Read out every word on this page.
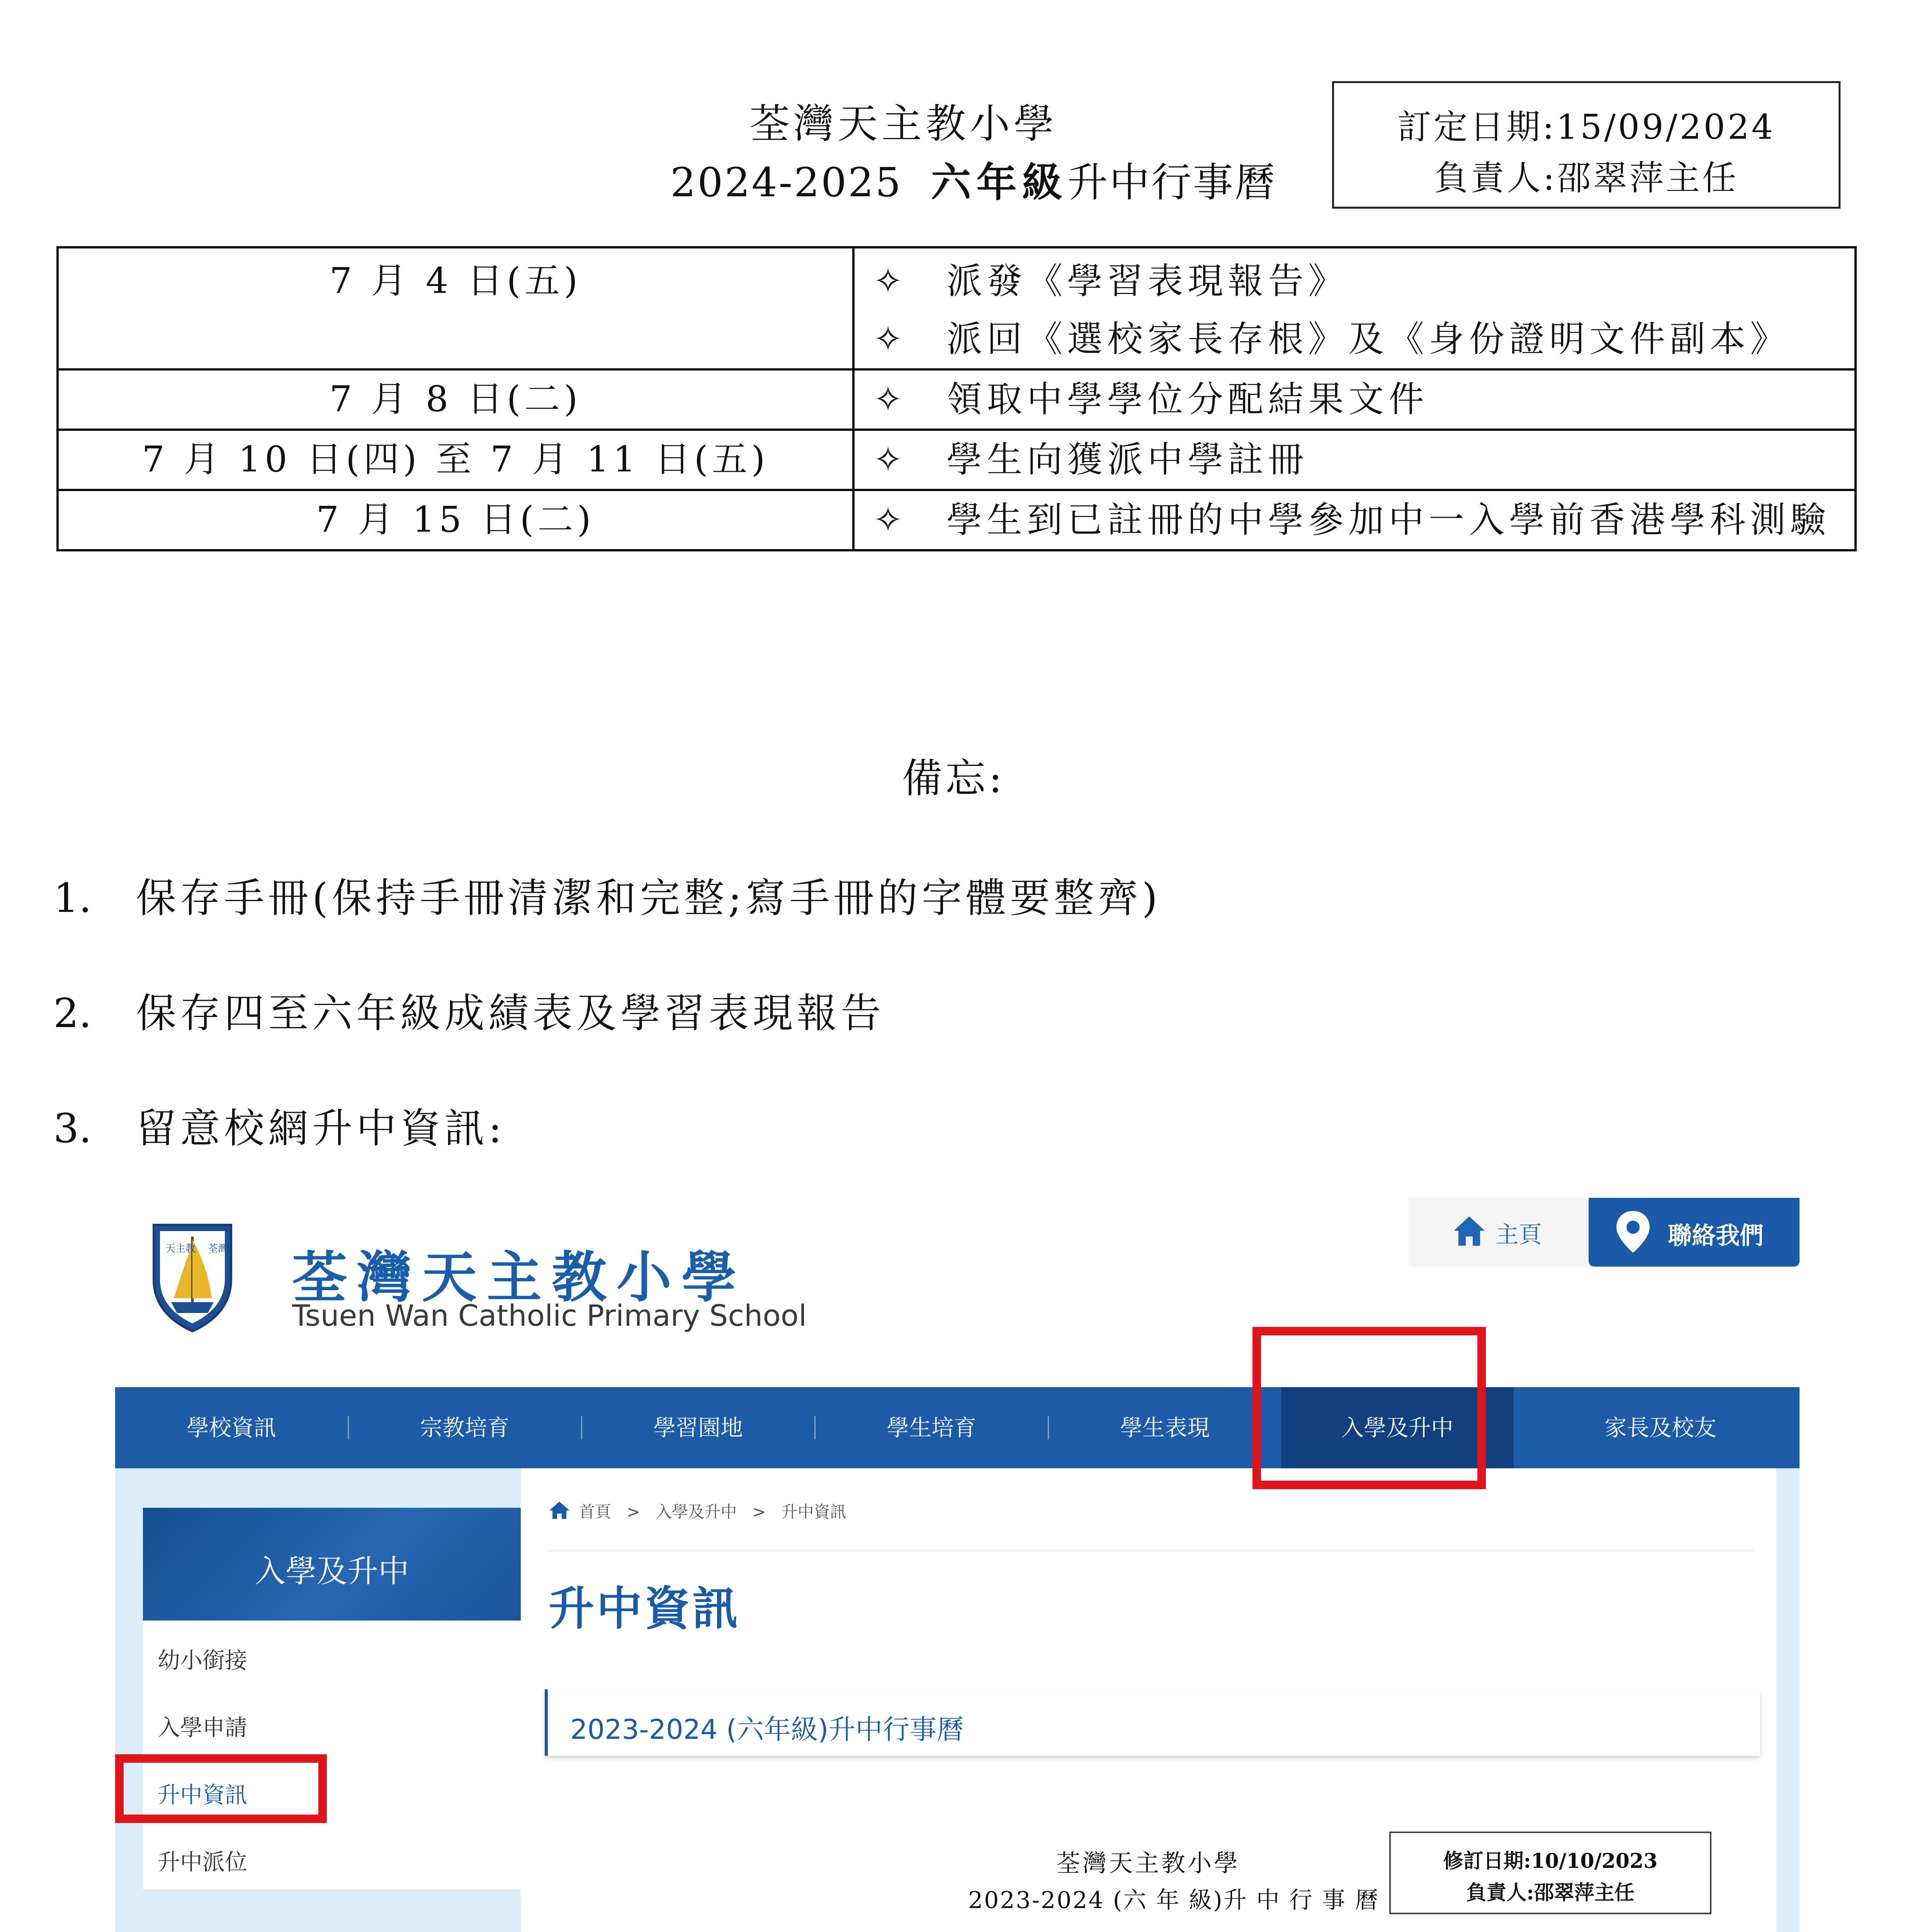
荃灣天主教小學
2024-2025 六年級升中行事曆
訂定日期:15/09/2024
負責人:邵翠萍主任
7 月 4 日(五)	✧ 派發《學習表現報告》
✧ 派回《選校家長存根》及《身份證明文件副本》

7 月 8 日(二)	✧ 領取中學學位分配結果文件

7 月 10 日(四) 至 7 月 11 日(五)	✧ 學生向獲派中學註冊

7 月 15 日(二)	✧ 學生到已註冊的中學參加中一入學前香港學科測驗
備忘:
1. 保存手冊(保持手冊清潔和完整;寫手冊的字體要整齊)
2. 保存四至六年級成績表及學習表現報告
3. 留意校網升中資訊:
天主教 荃灣 荃灣天主教小學
Tsuen Wan Catholic Primary School
主頁	聯絡我們
學校資訊	宗教培育	學習園地	學生培育	學生表現	入學及升中	家長及校友
入學及升中
幼小銜接
入學申請
升中資訊
升中派位
首頁 > 入學及升中 > 升中資訊
升中資訊
2023-2024 (六年級)升中行事曆
荃灣天主教小學
2023-2024 (六 年 級)升 中 行 事 曆
修訂日期:10/10/2023
負責人:邵翠萍主任
